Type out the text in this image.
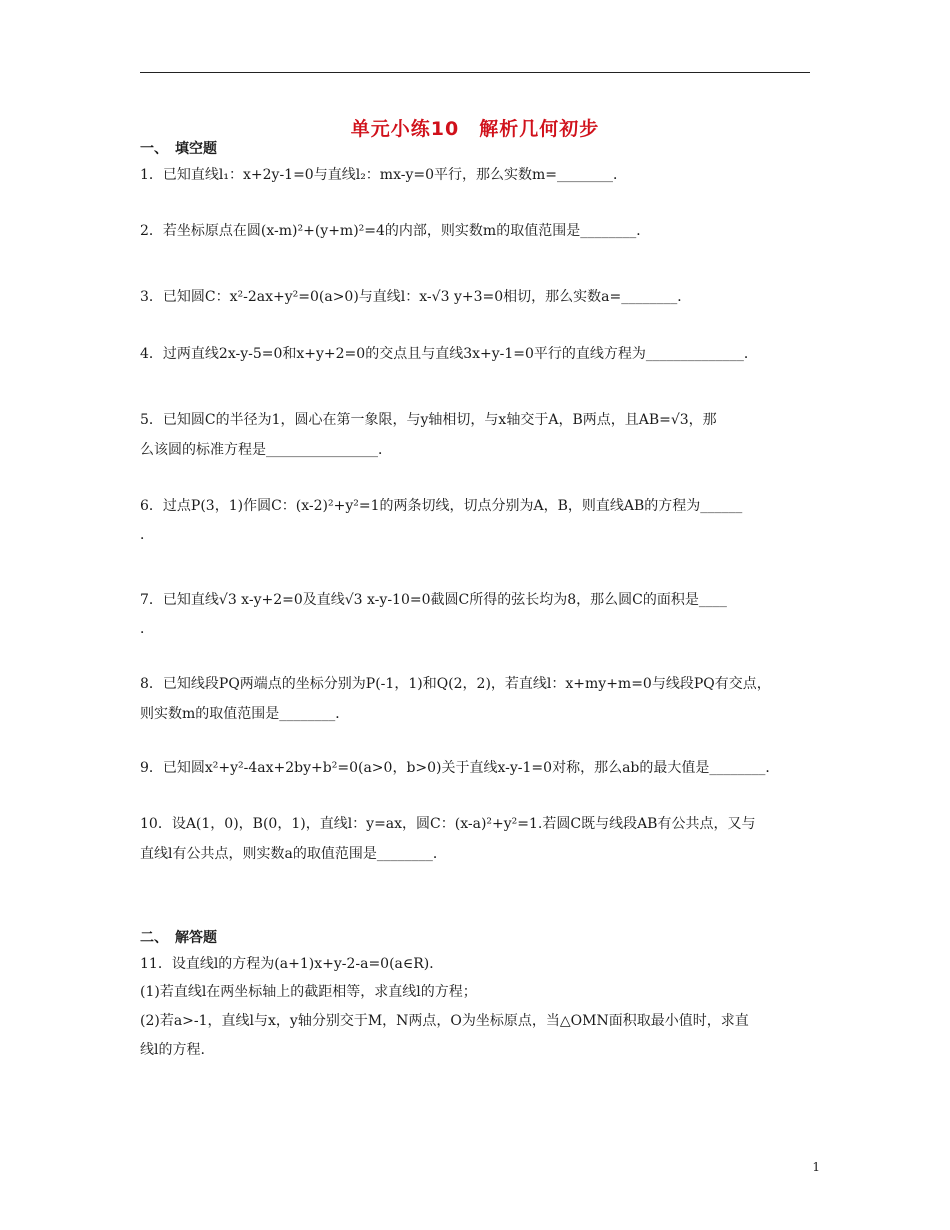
单元小练10　解析几何初步
一、　填空题
1．已知直线l₁：x+2y-1=0与直线l₂：mx-y=0平行，那么实数m=________．
2．若坐标原点在圆(x-m)²+(y+m)²=4的内部，则实数m的取值范围是________．
3．已知圆C：x²-2ax+y²=0(a>0)与直线l：x-√3 y+3=0相切，那么实数a=________．
4．过两直线2x-y-5=0和x+y+2=0的交点且与直线3x+y-1=0平行的直线方程为______________．
5．已知圆C的半径为1，圆心在第一象限，与y轴相切，与x轴交于A，B两点，且AB=√3，那
么该圆的标准方程是________________．
6．过点P(3，1)作圆C：(x-2)²+y²=1的两条切线，切点分别为A，B，则直线AB的方程为______
．
7．已知直线√3 x-y+2=0及直线√3 x-y-10=0截圆C所得的弦长均为8，那么圆C的面积是____
．
8．已知线段PQ两端点的坐标分别为P(-1，1)和Q(2，2)，若直线l：x+my+m=0与线段PQ有交点，
则实数m的取值范围是________．
9．已知圆x²+y²-4ax+2by+b²=0(a>0，b>0)关于直线x-y-1=0对称，那么ab的最大值是________．
10．设A(1，0)，B(0，1)，直线l：y=ax，圆C：(x-a)²+y²=1.若圆C既与线段AB有公共点，又与
直线l有公共点，则实数a的取值范围是________．
二、　解答题
11．设直线l的方程为(a+1)x+y-2-a=0(a∈R)．
(1)若直线l在两坐标轴上的截距相等，求直线l的方程；
(2)若a>-1，直线l与x，y轴分别交于M，N两点，O为坐标原点，当△OMN面积取最小值时，求直
线l的方程.
1
